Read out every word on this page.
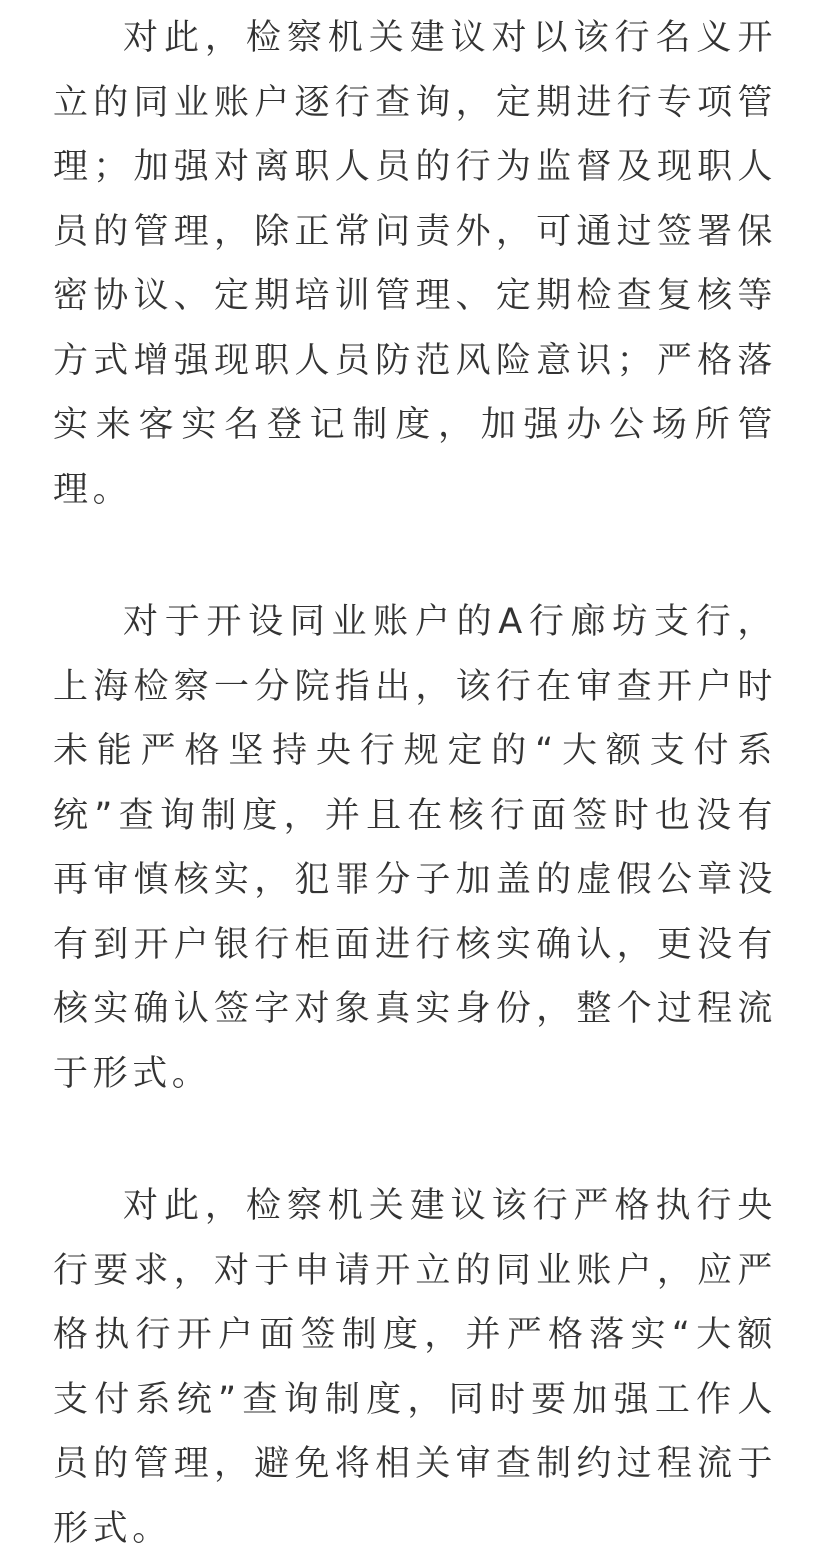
对此，检察机关建议对以该行名义开立的同业账户逐行查询，定期进行专项管理；加强对离职人员的行为监督及现职人员的管理，除正常问责外，可通过签署保密协议、定期培训管理、定期检查复核等方式增强现职人员防范风险意识；严格落实来客实名登记制度，加强办公场所管理。

对于开设同业账户的A行廊坊支行，上海检察一分院指出，该行在审查开户时未能严格坚持央行规定的“大额支付系统”查询制度，并且在核行面签时也没有再审慎核实，犯罪分子加盖的虚假公章没有到开户银行柜面进行核实确认，更没有核实确认签字对象真实身份，整个过程流于形式。

对此，检察机关建议该行严格执行央行要求，对于申请开立的同业账户，应严格执行开户面签制度，并严格落实“大额支付系统”查询制度，同时要加强工作人员的管理，避免将相关审查制约过程流于形式。
